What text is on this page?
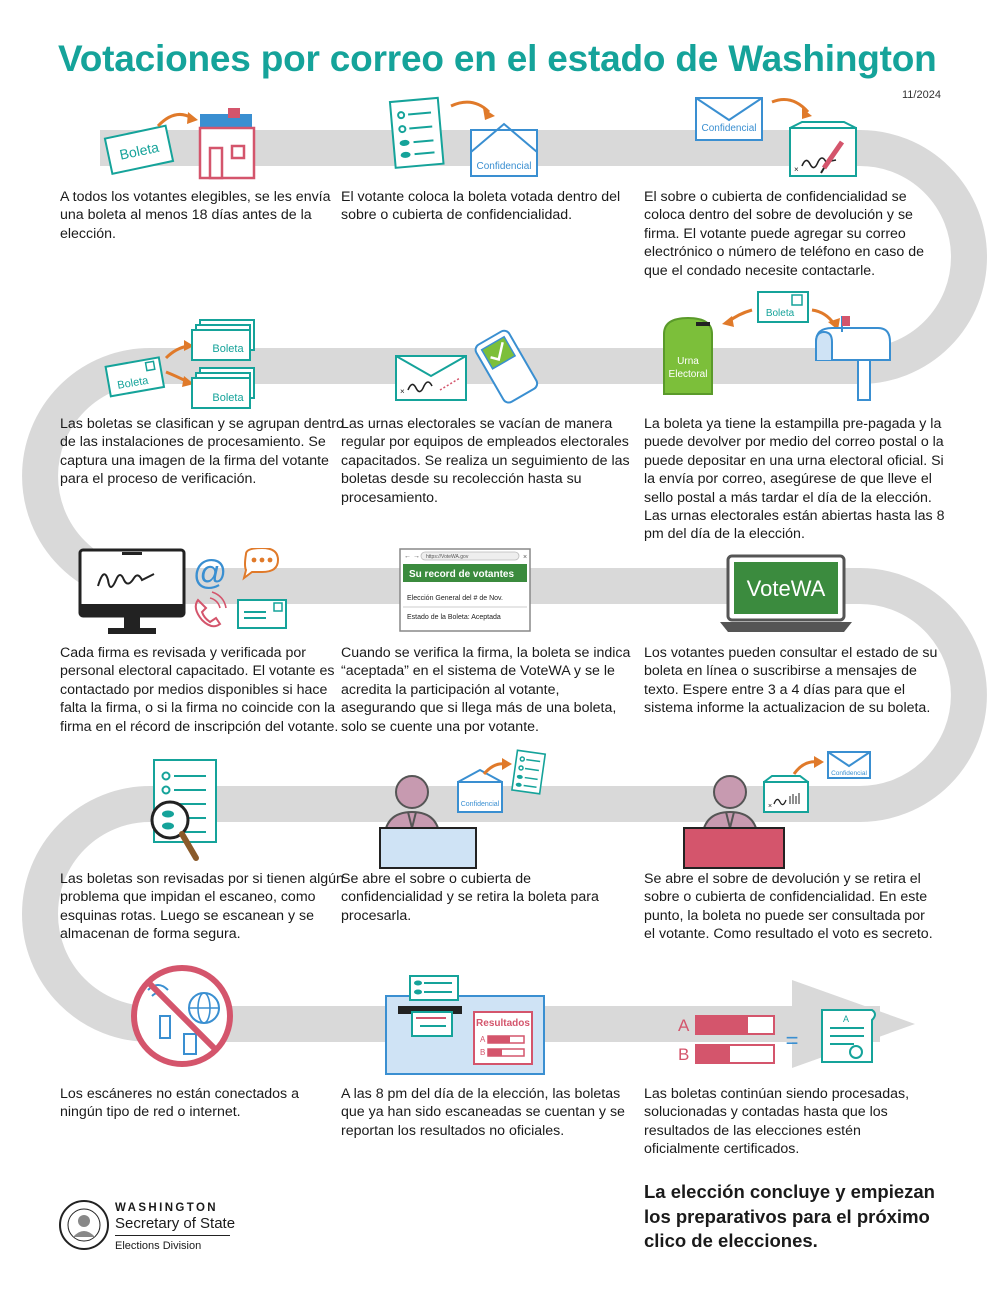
Votaciones por correo en el estado de Washington
11/2024
Boleta
Confidencial
Confidencial
×
Boleta
Boleta
Boleta
×
Boleta
Urna
Electoral
@	← → https://VoteWA.gov	×
Su record de votantes
Elección General del # de Nov.
Estado de la Boleta: Aceptada
VoteWA
Confidencial	×
Confidencial
Resultados
A
B
A
B
=
A

A todos los votantes elegibles, se les envía una boleta al menos 18 días antes de la elección.

El votante coloca la boleta votada dentro del sobre o cubierta de confidencialidad.

El sobre o cubierta de confidencialidad se coloca dentro del sobre de devolución y se firma. El votante puede agregar su correo electrónico o número de teléfono en caso de que el condado necesite contactarle.

Las boletas se clasifican y se agrupan dentro de las instalaciones de procesamiento. Se captura una imagen de la firma del votante para el proceso de verificación.

Las urnas electorales se vacían de manera regular por equipos de empleados electorales capacitados. Se realiza un seguimiento de las boletas desde su recolección hasta su procesamiento.

La boleta ya tiene la estampilla pre-pagada y la puede devolver por medio del correo postal o la puede depositar en una urna electoral oficial. Si la envía por correo, asegúrese de que lleve el sello postal a más tardar el día de la elección. Las urnas electorales están abiertas hasta las 8 pm del día de la elección.

Cada firma es revisada y verificada por personal electoral capacitado. El votante es contactado por medios disponibles si hace falta la firma, o si la firma no coincide con la firma en el récord de inscripción del votante.

Cuando se verifica la firma, la boleta se indica “aceptada” en el sistema de VoteWA y se le acredita la participación al votante, asegurando que si llega más de una boleta, solo se cuente una por votante.

Los votantes pueden consultar el estado de su boleta en línea o suscribirse a mensajes de texto. Espere entre 3 a 4 días para que el sistema informe la actualizacion de su boleta.

Las boletas son revisadas por si tienen algún problema que impidan el escaneo, como esquinas rotas. Luego se escanean y se almacenan de forma segura.

Se abre el sobre o cubierta de confidencialidad y se retira la boleta para procesarla.

Se abre el sobre de devolución y se retira el sobre o cubierta de confidencialidad. En este punto, la boleta no puede ser consultada por el votante. Como resultado el voto es secreto.

Los escáneres no están conectados a ningún tipo de red o internet.

A las 8 pm del día de la elección, las boletas que ya han sido escaneadas se cuentan y se reportan los resultados no oficiales.

Las boletas continúan siendo procesadas, solucionadas y contadas hasta que los resultados de las elecciones estén oficialmente certificados.

La elección concluye y empiezan los preparativos para el próximo clico de elecciones.

WASHINGTON
Secretary of State
Elections Division
